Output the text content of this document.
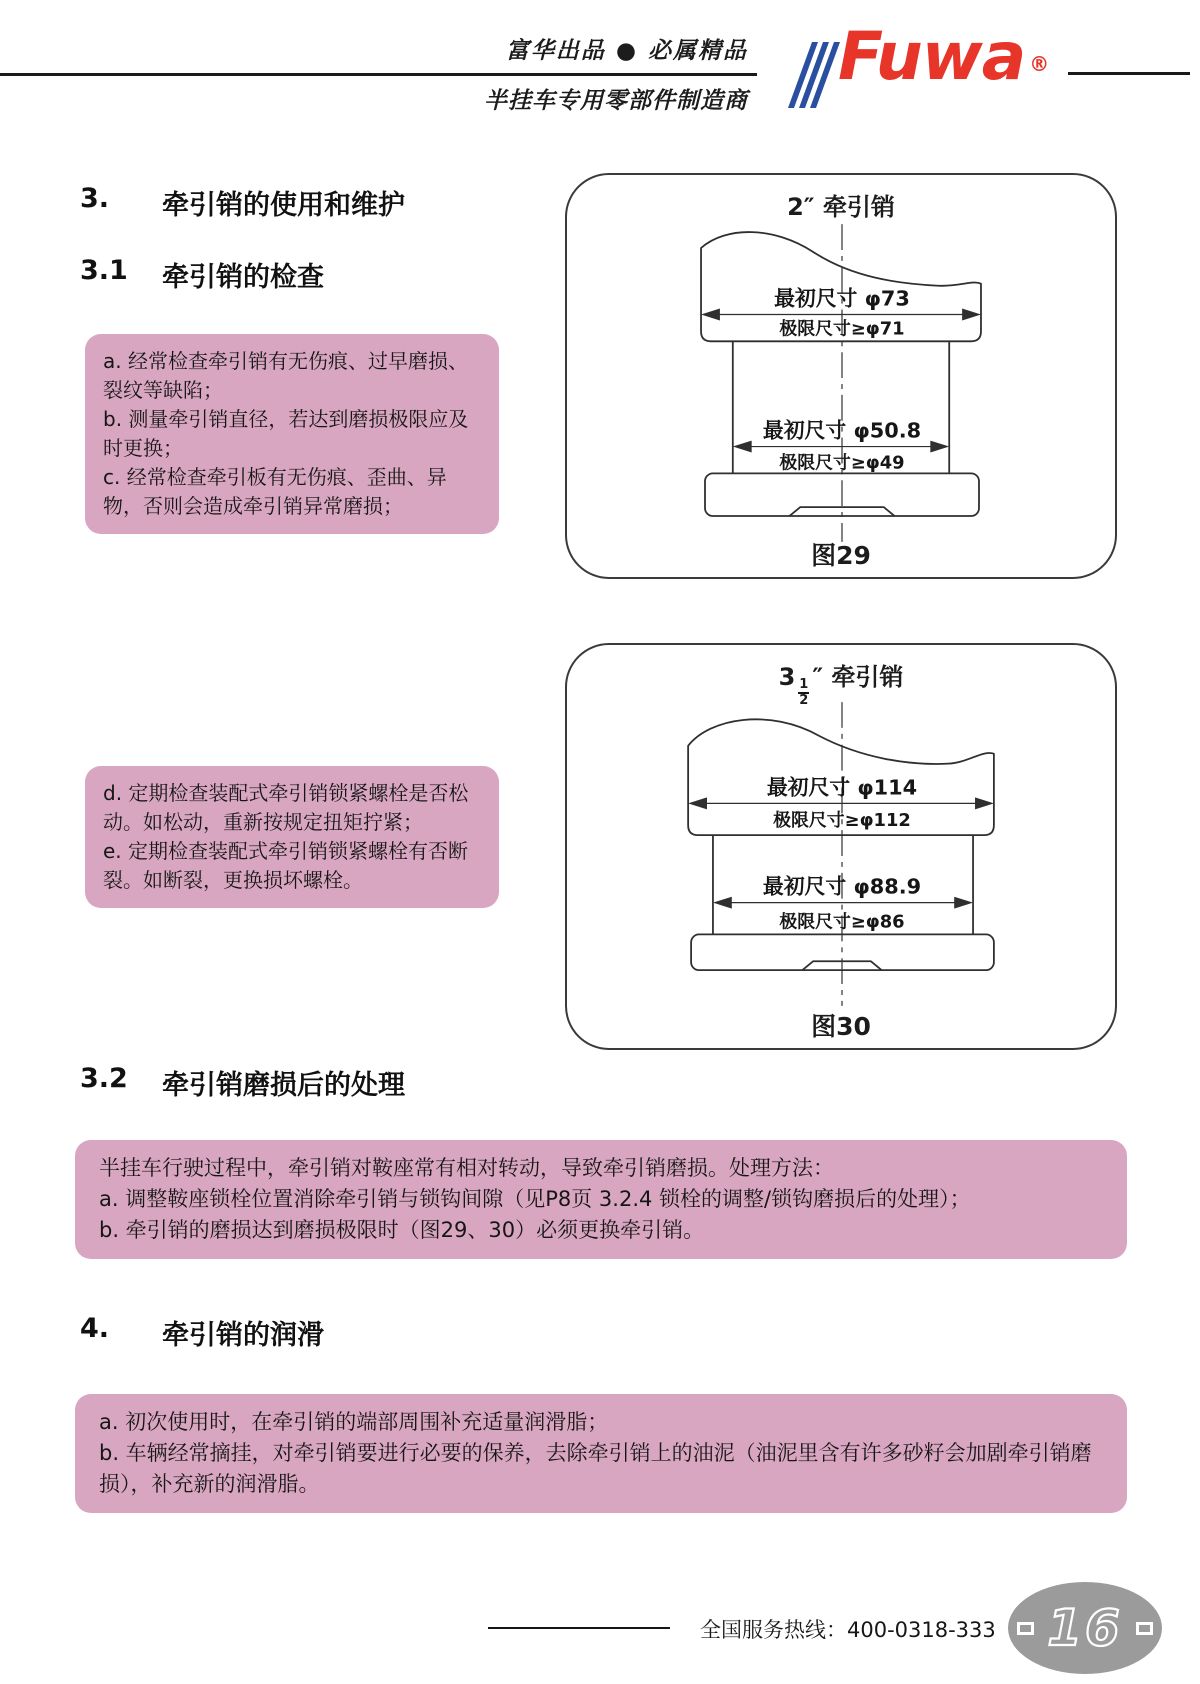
富华出品 ● 必属精品
半挂车专用零部件制造商
Fuwa ®
3.	牵引销的使用和维护
3.1	牵引销的检查

a. 经常检查牵引销有无伤痕、过早磨损、裂纹等缺陷；

b. 测量牵引销直径，若达到磨损极限应及时更换；

c. 经常检查牵引板有无伤痕、歪曲、异物，否则会造成牵引销异常磨损；

d. 定期检查装配式牵引销锁紧螺栓是否松动。如松动，重新按规定扭矩拧紧；

e. 定期检查装配式牵引销锁紧螺栓有否断裂。如断裂，更换损坏螺栓。

2″ 牵引销
最初尺寸 φ73
极限尺寸≥φ71
最初尺寸 φ50.8
极限尺寸≥φ49
图29
3
$\frac{1}{2}$
″ 牵引销
最初尺寸 φ114
极限尺寸≥φ112
最初尺寸 φ88.9
极限尺寸≥φ86
图30
3.2	牵引销磨损后的处理

半挂车行驶过程中，牵引销对鞍座常有相对转动，导致牵引销磨损。处理方法：

a. 调整鞍座锁栓位置消除牵引销与锁钩间隙（见P8页 3.2.4 锁栓的调整/锁钩磨损后的处理）；

b. 牵引销的磨损达到磨损极限时（图29、30）必须更换牵引销。

4.	牵引销的润滑

a. 初次使用时，在牵引销的端部周围补充适量润滑脂；

b. 车辆经常摘挂，对牵引销要进行必要的保养，去除牵引销上的油泥（油泥里含有许多砂籽会加剧牵引销磨损），补充新的润滑脂。

全国服务热线：400-0318-333 16
